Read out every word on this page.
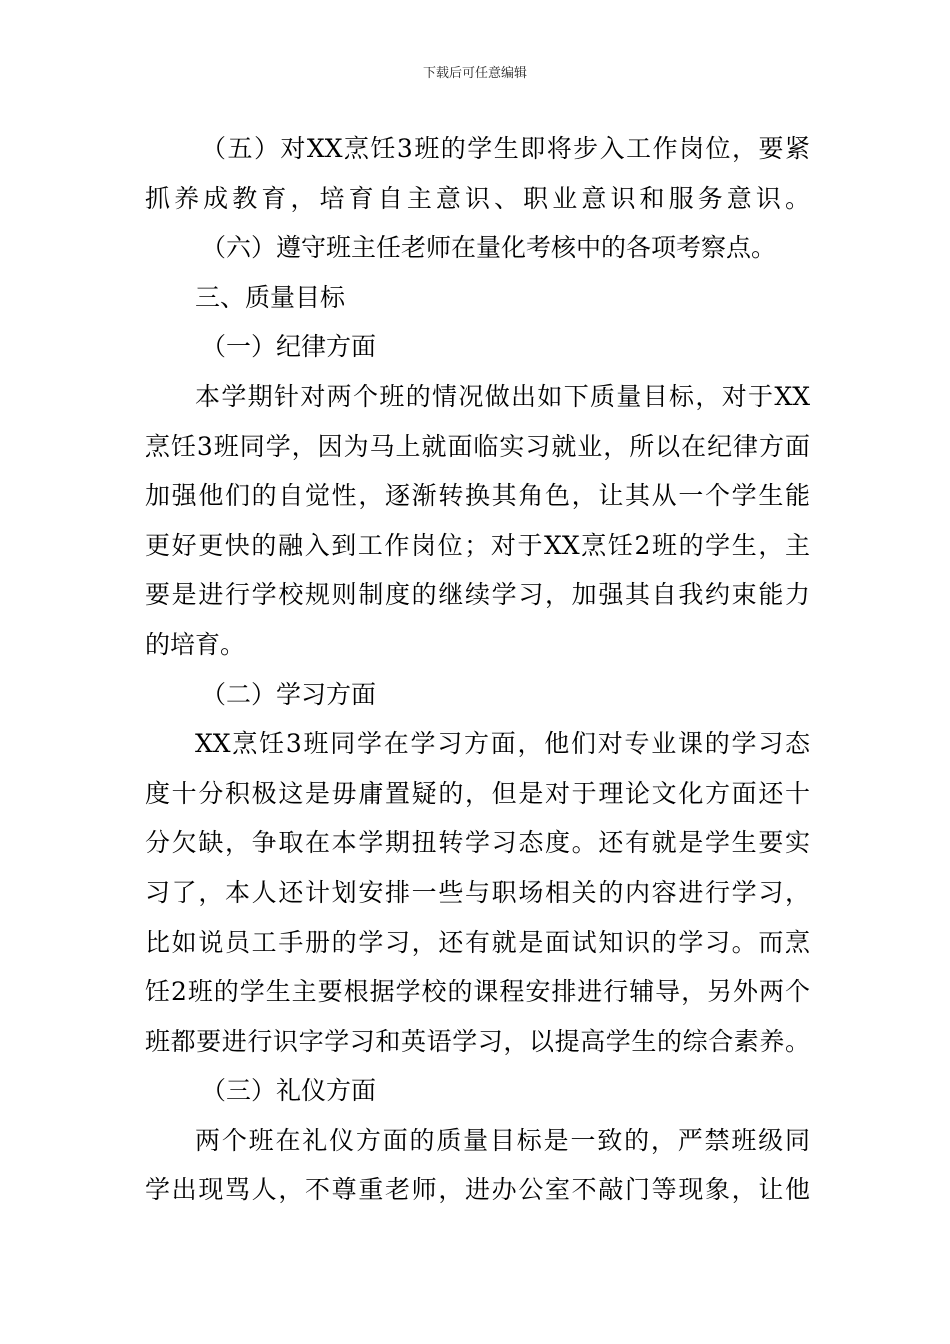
下载后可任意编辑
（五）对XX烹饪3班的学生即将步入工作岗位，要紧
抓养成教育，培育自主意识、职业意识和服务意识。
（六）遵守班主任老师在量化考核中的各项考察点。
三、质量目标
（一）纪律方面
本学期针对两个班的情况做出如下质量目标，对于XX
烹饪3班同学，因为马上就面临实习就业，所以在纪律方面
加强他们的自觉性，逐渐转换其角色，让其从一个学生能
更好更快的融入到工作岗位；对于XX烹饪2班的学生，主
要是进行学校规则制度的继续学习，加强其自我约束能力
的培育。
（二）学习方面
XX烹饪3班同学在学习方面，他们对专业课的学习态
度十分积极这是毋庸置疑的，但是对于理论文化方面还十
分欠缺，争取在本学期扭转学习态度。还有就是学生要实
习了，本人还计划安排一些与职场相关的内容进行学习，
比如说员工手册的学习，还有就是面试知识的学习。而烹
饪2班的学生主要根据学校的课程安排进行辅导，另外两个
班都要进行识字学习和英语学习，以提高学生的综合素养。
（三）礼仪方面
两个班在礼仪方面的质量目标是一致的，严禁班级同
学出现骂人，不尊重老师，进办公室不敲门等现象，让他
